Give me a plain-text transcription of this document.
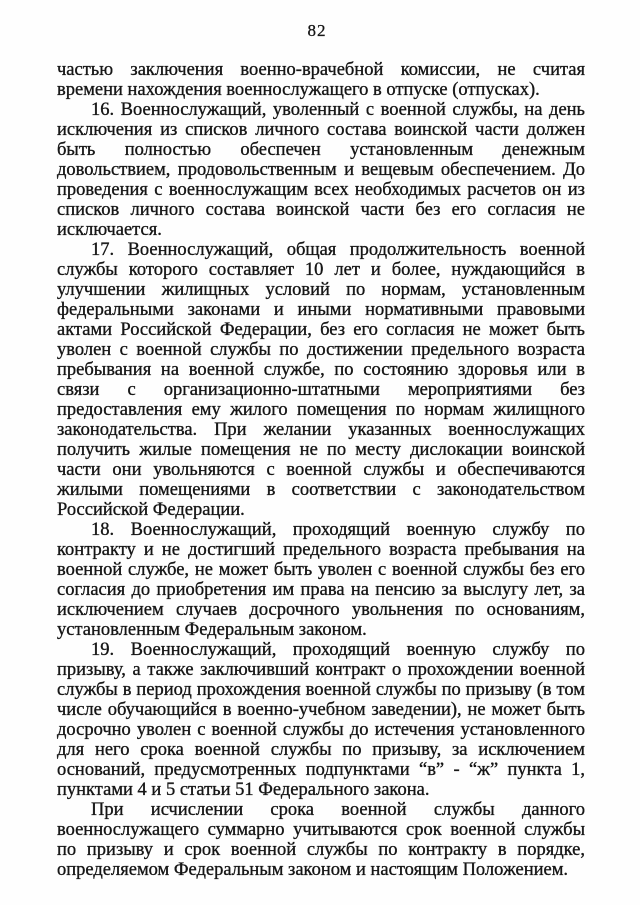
82

частью заключения военно-врачебной комиссии, не считая времени нахождения военнослужащего в отпуске (отпусках).

16. Военнослужащий, уволенный с военной службы, на день исключения из списков личного состава воинской части должен быть полностью обеспечен установленным денежным довольствием, продовольственным и вещевым обеспечением. До проведения с военнослужащим всех необходимых расчетов он из списков личного состава воинской части без его согласия не исключается.

17. Военнослужащий, общая продолжительность военной службы которого составляет 10 лет и более, нуждающийся в улучшении жилищных условий по нормам, установленным федеральными законами и иными нормативными правовыми актами Российской Федерации, без его согласия не может быть уволен с военной службы по достижении предельного возраста пребывания на военной службе, по состоянию здоровья или в связи с организационно-штатными мероприятиями без предоставления ему жилого помещения по нормам жилищного законодательства. При желании указанных военнослужащих получить жилые помещения не по месту дислокации воинской части они увольняются с военной службы и обеспечиваются жилыми помещениями в соответствии с законодательством Российской Федерации.

18. Военнослужащий, проходящий военную службу по контракту и не достигший предельного возраста пребывания на военной службе, не может быть уволен с военной службы без его согласия до приобретения им права на пенсию за выслугу лет, за исключением случаев досрочного увольнения по основаниям, установленным Федеральным законом.

19. Военнослужащий, проходящий военную службу по призыву, а также заключивший контракт о прохождении военной службы в период прохождения военной службы по призыву (в том числе обучающийся в военно-учебном заведении), не может быть досрочно уволен с военной службы до истечения установленного для него срока военной службы по призыву, за исключением оснований, предусмотренных подпунктами “в” - “ж” пункта 1, пунктами 4 и 5 статьи 51 Федерального закона.

При исчислении срока военной службы данного военнослужащего суммарно учитываются срок военной службы по призыву и срок военной службы по контракту в порядке, определяемом Федеральным законом и настоящим Положением.
